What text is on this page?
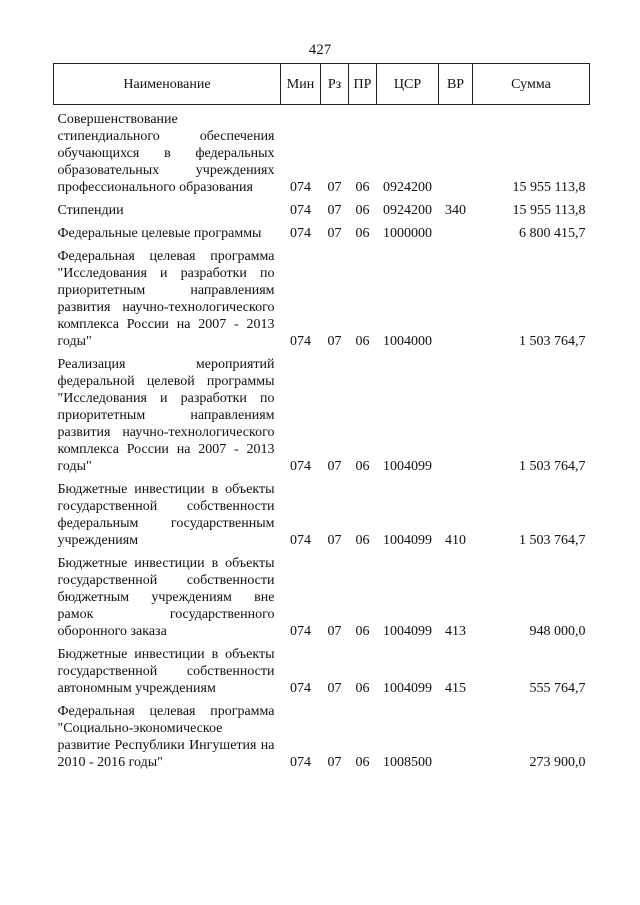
427
Наименование	Мин	Рз	ПР	ЦСР	ВР	Сумма
Совершенствование стипендиального обеспечения обучающихся в федеральных образовательных учреждениях профессионального образования	074	07	06	0924200		15 955 113,8
Стипендии	074	07	06	0924200	340	15 955 113,8
Федеральные целевые программы	074	07	06	1000000		6 800 415,7
Федеральная целевая программа "Исследования и разработки по приоритетным направлениям развития научно-технологического комплекса России на 2007 - 2013 годы"	074	07	06	1004000		1 503 764,7
Реализация мероприятий федеральной целевой программы "Исследования и разработки по приоритетным направлениям развития научно-технологического комплекса России на 2007 - 2013 годы"	074	07	06	1004099		1 503 764,7
Бюджетные инвестиции в объекты государственной собственности федеральным государственным учреждениям	074	07	06	1004099	410	1 503 764,7
Бюджетные инвестиции в объекты государственной собственности бюджетным учреждениям вне рамок государственного оборонного заказа	074	07	06	1004099	413	948 000,0
Бюджетные инвестиции в объекты государственной собственности автономным учреждениям	074	07	06	1004099	415	555 764,7
Федеральная целевая программа "Социально-экономическое развитие Республики Ингушетия на 2010 - 2016 годы"	074	07	06	1008500		273 900,0
